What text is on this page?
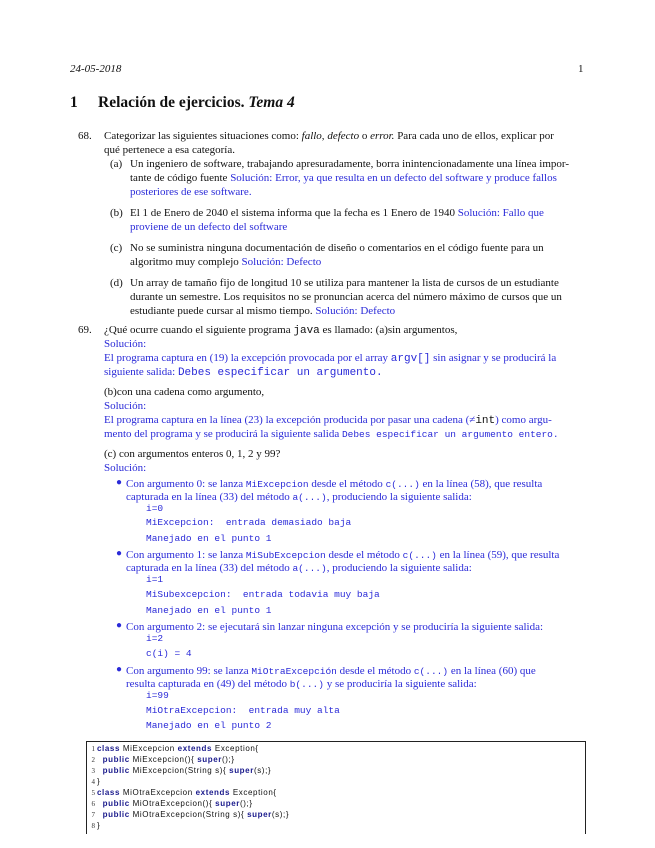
24-05-2018	1
1 Relación de ejercicios. Tema 4
68. Categorizar las siguientes situaciones como: fallo, defecto o error. Para cada uno de ellos, explicar por
qué pertenece a esa categoría.
(a) Un ingeniero de software, trabajando apresuradamente, borra inintencionadamente una línea impor-
tante de código fuente Solución: Error, ya que resulta en un defecto del software y produce fallos
posteriores de ese software.
(b) El 1 de Enero de 2040 el sistema informa que la fecha es 1 Enero de 1940 Solución: Fallo que
proviene de un defecto del software
(c) No se suministra ninguna documentación de diseño o comentarios en el código fuente para un
algoritmo muy complejo Solución: Defecto
(d) Un array de tamaño fijo de longitud 10 se utiliza para mantener la lista de cursos de un estudiante
durante un semestre. Los requisitos no se pronuncian acerca del número máximo de cursos que un
estudiante puede cursar al mismo tiempo. Solución: Defecto
69. ¿Qué ocurre cuando el siguiente programa java es llamado: (a)sin argumentos,
Solución:
El programa captura en (19) la excepción provocada por el array argv[] sin asignar y se producirá la
siguiente salida: Debes especificar un argumento.
(b)con una cadena como argumento,
Solución:
El programa captura en la línea (23) la excepción producida por pasar una cadena (≠int) como argu-
mento del programa y se producirá la siguiente salida Debes especificar un argumento entero.
(c) con argumentos enteros 0, 1, 2 y 99?
Solución:
● Con argumento 0: se lanza MiExcepcion desde el método c(...) en la línea (58), que resulta
capturada en la línea (33) del método a(...), produciendo la siguiente salida:
i=0
MiExcepcion:  entrada demasiado baja
Manejado en el punto 1
● Con argumento 1: se lanza MiSubExcepcion desde el método c(...) en la línea (59), que resulta
capturada en la línea (33) del método a(...), produciendo la siguiente salida:
i=1
MiSubexcepcion:  entrada todavia muy baja
Manejado en el punto 1
● Con argumento 2: se ejecutará sin lanzar ninguna excepción y se produciría la siguiente salida:
i=2
c(i) = 4
● Con argumento 99: se lanza MiOtraExcepción desde el método c(...) en la línea (60) que
resulta capturada en (49) del método b(...) y se produciría la siguiente salida:
i=99
MiOtraExcepcion:  entrada muy alta
Manejado en el punto 2
1 class MiExcepcion extends Exception{
2 public MiExcepcion(){ super();}
3 public MiExcepcion(String s){ super(s);}
4 }
5 class MiOtraExcepcion extends Exception{
6 public MiOtraExcepcion(){ super();}
7 public MiOtraExcepcion(String s){ super(s);}
8 }
